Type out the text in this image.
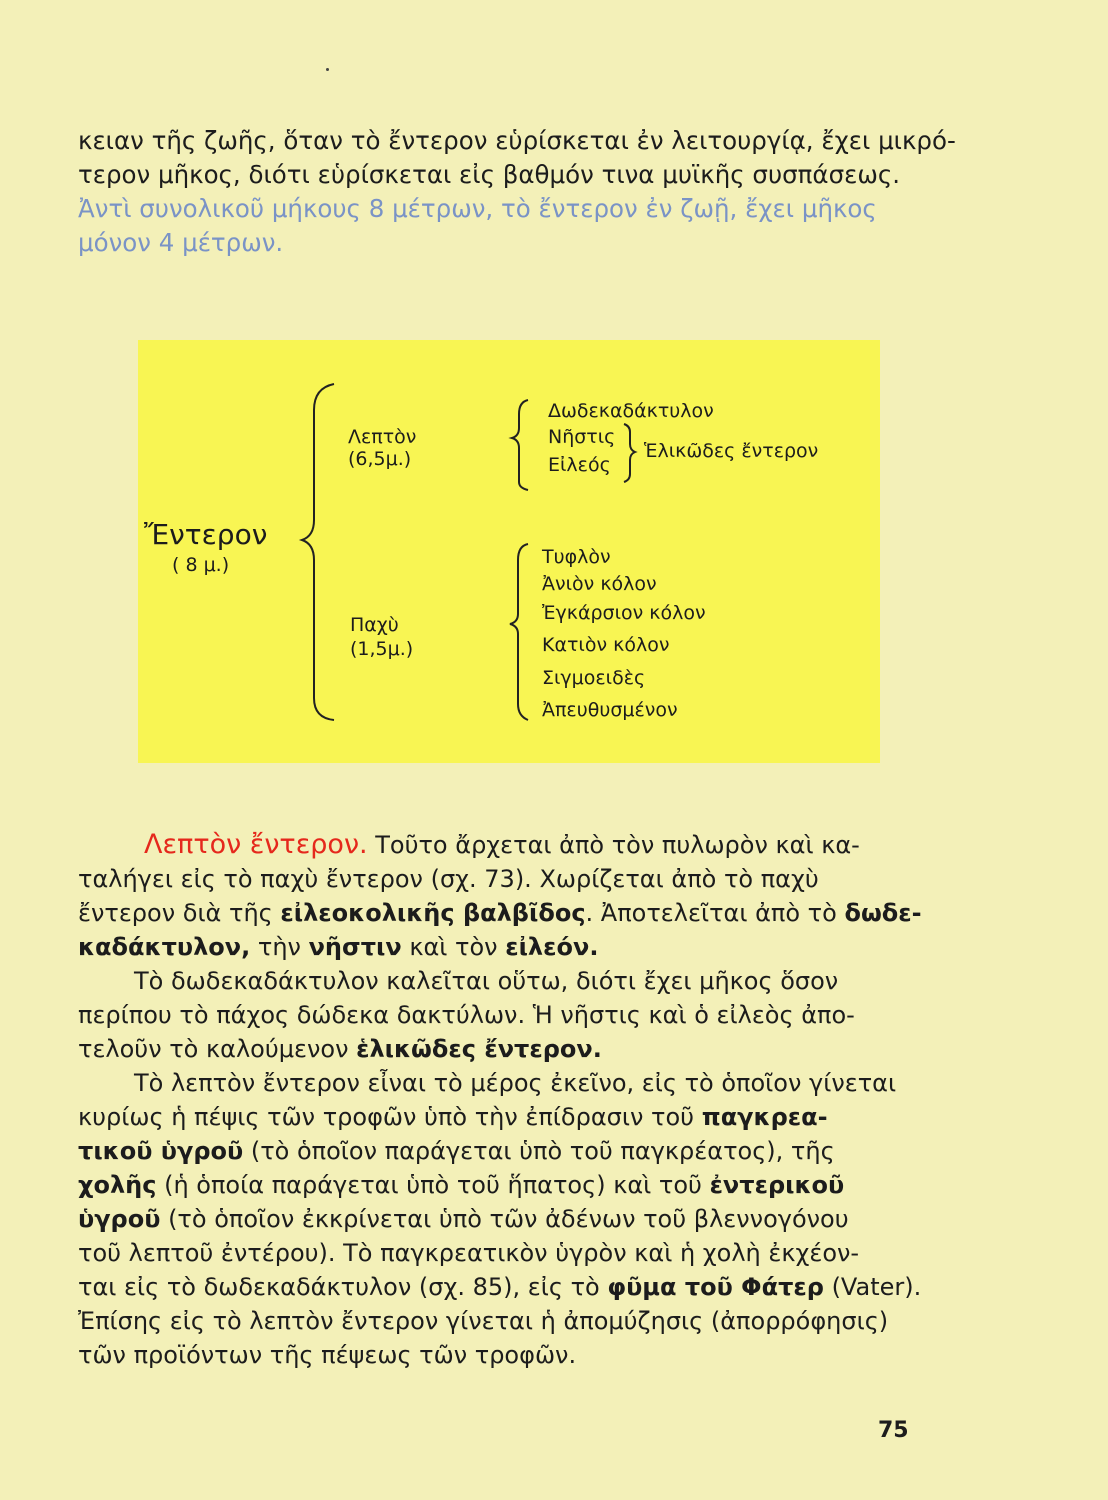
κειαν τῆς ζωῆς, ὅταν τὸ ἔντερον εὑρίσκεται ἐν λειτουργίᾳ, ἔχει μικρό-
τερον μῆκος, διότι εὑρίσκεται εἰς βαθμόν τινα μυϊκῆς συσπάσεως.
Ἀντὶ συνολικοῦ μήκους 8 μέτρων, τὸ ἔντερον ἐν ζωῇ, ἔχει μῆκος
μόνον 4 μέτρων.
Ἔντερον
( 8 μ.)
Λεπτὸν
(6,5μ.)
Δωδεκαδάκτυλον
Νῆστις
Εἰλεός
Ἑλικῶδες ἔντερον
Παχὺ
(1,5μ.)
Τυφλὸν
Ἀνιὸν κόλον
Ἐγκάρσιον κόλον
Κατιὸν κόλον
Σιγμοειδὲς
Ἀπευθυσμένον
Λεπτὸν ἔντερον. Τοῦτο ἄρχεται ἀπὸ τὸν πυλωρὸν καὶ κα-
ταλήγει εἰς τὸ παχὺ ἔντερον (σχ. 73). Χωρίζεται ἀπὸ τὸ παχὺ
ἔντερον διὰ τῆς εἰλεοκολικῆς βαλβῖδος. Ἀποτελεῖται ἀπὸ τὸ δωδε-
καδάκτυλον, τὴν νῆστιν καὶ τὸν εἰλεόν.
Τὸ δωδεκαδάκτυλον καλεῖται οὕτω, διότι ἔχει μῆκος ὅσον
περίπου τὸ πάχος δώδεκα δακτύλων. Ἡ νῆστις καὶ ὁ εἰλεὸς ἀπο-
τελοῦν τὸ καλούμενον ἑλικῶδες ἔντερον.
Τὸ λεπτὸν ἔντερον εἶναι τὸ μέρος ἐκεῖνο, εἰς τὸ ὁποῖον γίνεται
κυρίως ἡ πέψις τῶν τροφῶν ὑπὸ τὴν ἐπίδρασιν τοῦ παγκρεα-
τικοῦ ὑγροῦ (τὸ ὁποῖον παράγεται ὑπὸ τοῦ παγκρέατος), τῆς
χολῆς (ἡ ὁποία παράγεται ὑπὸ τοῦ ἥπατος) καὶ τοῦ ἐντερικοῦ
ὑγροῦ (τὸ ὁποῖον ἐκκρίνεται ὑπὸ τῶν ἀδένων τοῦ βλεννογόνου
τοῦ λεπτοῦ ἐντέρου). Τὸ παγκρεατικὸν ὑγρὸν καὶ ἡ χολὴ ἐκχέον-
ται εἰς τὸ δωδεκαδάκτυλον (σχ. 85), εἰς τὸ φῦμα τοῦ Φάτερ (Vater).
Ἐπίσης εἰς τὸ λεπτὸν ἔντερον γίνεται ἡ ἀπομύζησις (ἀπορρόφησις)
τῶν προϊόντων τῆς πέψεως τῶν τροφῶν.
75
